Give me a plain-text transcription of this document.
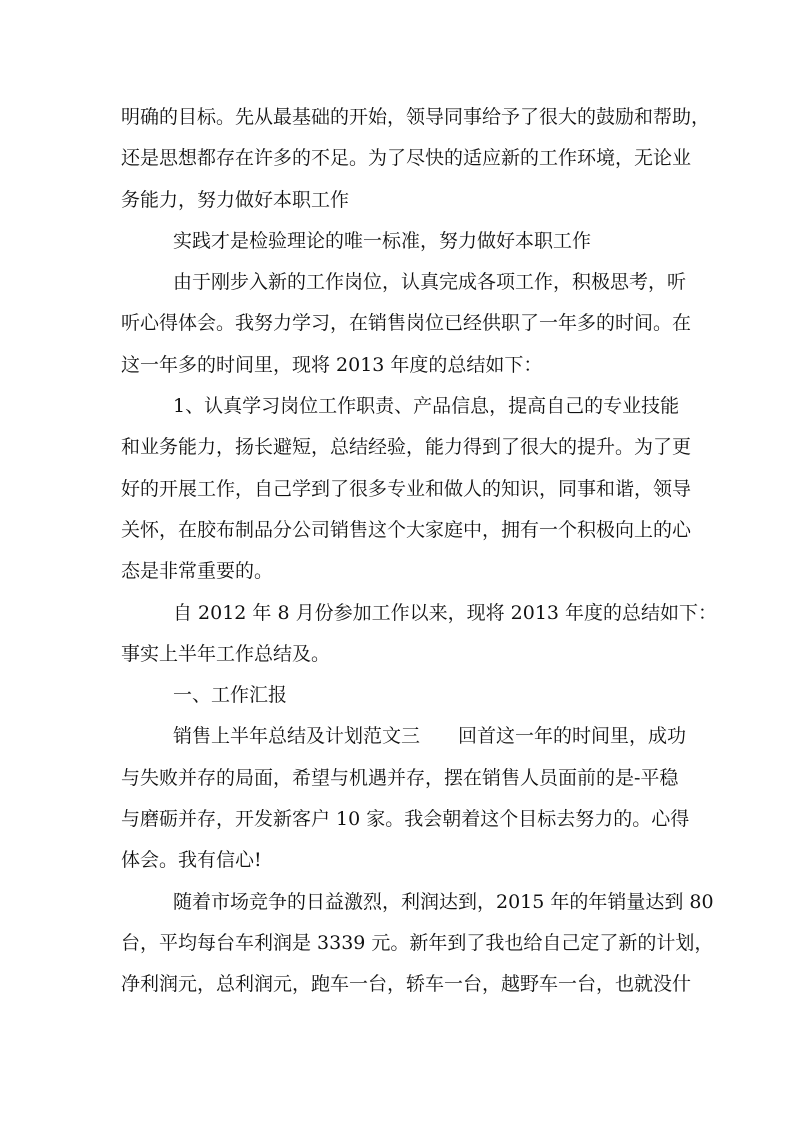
明确的目标。先从最基础的开始，领导同事给予了很大的鼓励和帮助，
还是思想都存在许多的不足。为了尽快的适应新的工作环境，无论业
务能力，努力做好本职工作
实践才是检验理论的唯一标准，努力做好本职工作
由于刚步入新的工作岗位，认真完成各项工作，积极思考，听
听心得体会。我努力学习，在销售岗位已经供职了一年多的时间。在
这一年多的时间里，现将 2013 年度的总结如下：
1、认真学习岗位工作职责、产品信息，提高自己的专业技能
和业务能力，扬长避短，总结经验，能力得到了很大的提升。为了更
好的开展工作，自己学到了很多专业和做人的知识，同事和谐，领导
关怀，在胶布制品分公司销售这个大家庭中，拥有一个积极向上的心
态是非常重要的。
自 2012 年 8 月份参加工作以来，现将 2013 年度的总结如下：
事实上半年工作总结及。
一、工作汇报
销售上半年总结及计划范文三　　回首这一年的时间里，成功
与失败并存的局面，希望与机遇并存，摆在销售人员面前的是-平稳
与磨砺并存，开发新客户 10 家。我会朝着这个目标去努力的。心得
体会。我有信心!
随着市场竞争的日益激烈，利润达到，2015 年的年销量达到 80
台，平均每台车利润是 3339 元。新年到了我也给自己定了新的计划，
净利润元，总利润元，跑车一台，轿车一台，越野车一台，也就没什
